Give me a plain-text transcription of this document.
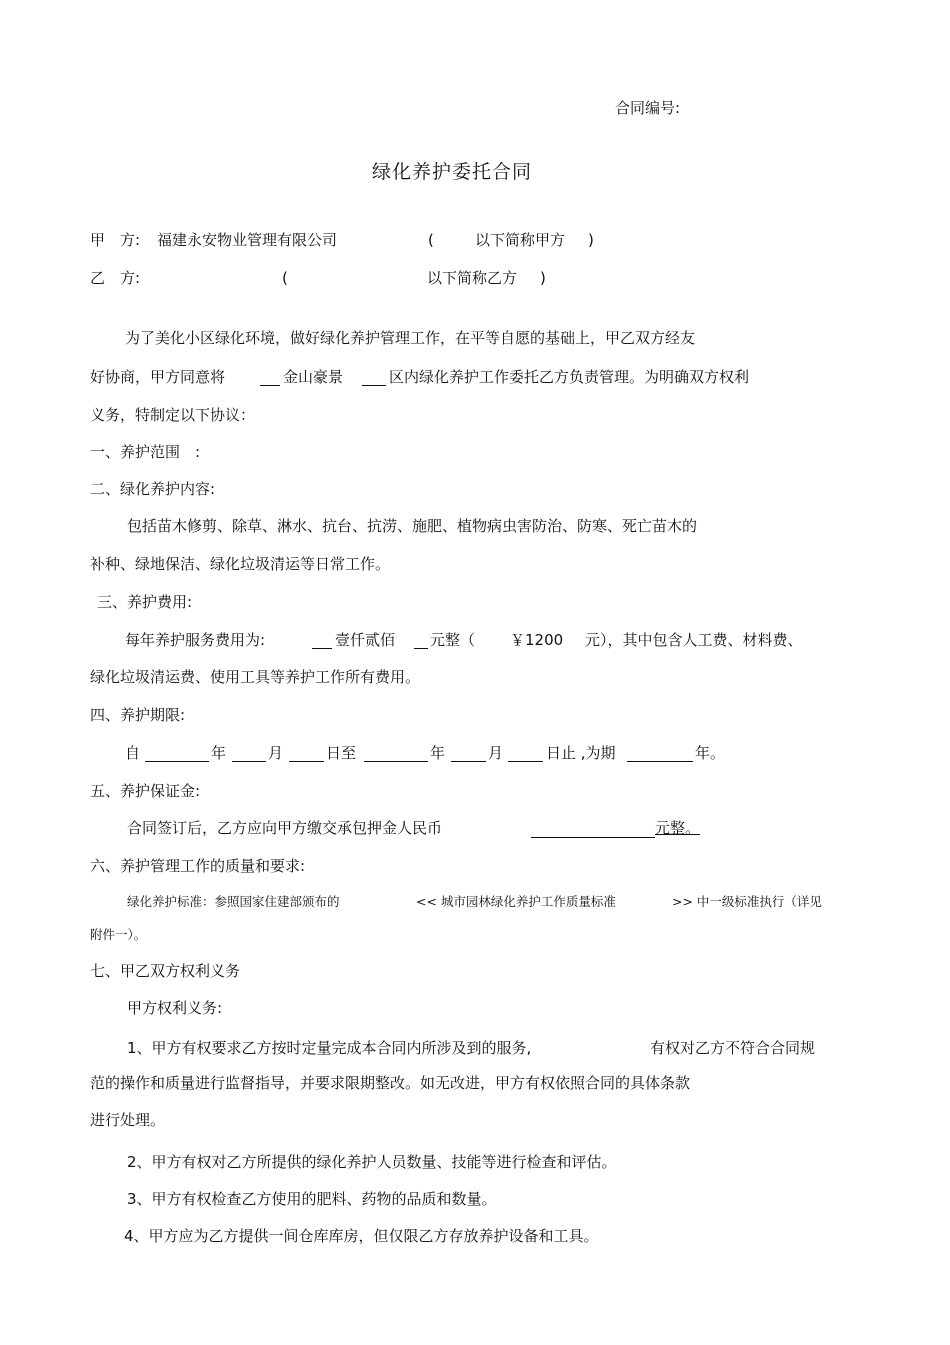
合同编号:
绿化养护委托合同
甲　方: 福建永安物业管理有限公司	(	以下简称甲方 )
乙　方:	(	以下简称乙方 )
为了美化小区绿化环境，做好绿化养护管理工作，在平等自愿的基础上，甲乙双方经友
好协商，甲方同意将	金山豪景	区内绿化养护工作委托乙方负责管理。为明确双方权利
义务，特制定以下协议：
一、养护范围　:
二、绿化养护内容:
包括苗木修剪、除草、淋水、抗台、抗涝、施肥、植物病虫害防治、防寒、死亡苗木的
补种、绿地保洁、绿化垃圾清运等日常工作。
三、养护费用:
每年养护服务费用为:	壹仟贰佰 元整（ ￥1200 元），其中包含人工费、材料费、
绿化垃圾清运费、使用工具等养护工作所有费用。
四、养护期限:
自	年	月	日至	年	月	日止 ,为期	年。
五、养护保证金:
合同签订后，乙方应向甲方缴交承包押金人民币	元整。
六、养护管理工作的质量和要求:
绿化养护标准：参照国家住建部颁布的	<< 城市园林绿化养护工作质量标准	>> 中一级标准执行（详见
附件一）。
七、甲乙双方权利义务
甲方权利义务:
1、甲方有权要求乙方按时定量完成本合同内所涉及到的服务,	有权对乙方不符合合同规
范的操作和质量进行监督指导，并要求限期整改。如无改进，甲方有权依照合同的具体条款
进行处理。
2、甲方有权对乙方所提供的绿化养护人员数量、技能等进行检查和评估。
3、甲方有权检查乙方使用的肥料、药物的品质和数量。
4、甲方应为乙方提供一间仓库库房，但仅限乙方存放养护设备和工具。
